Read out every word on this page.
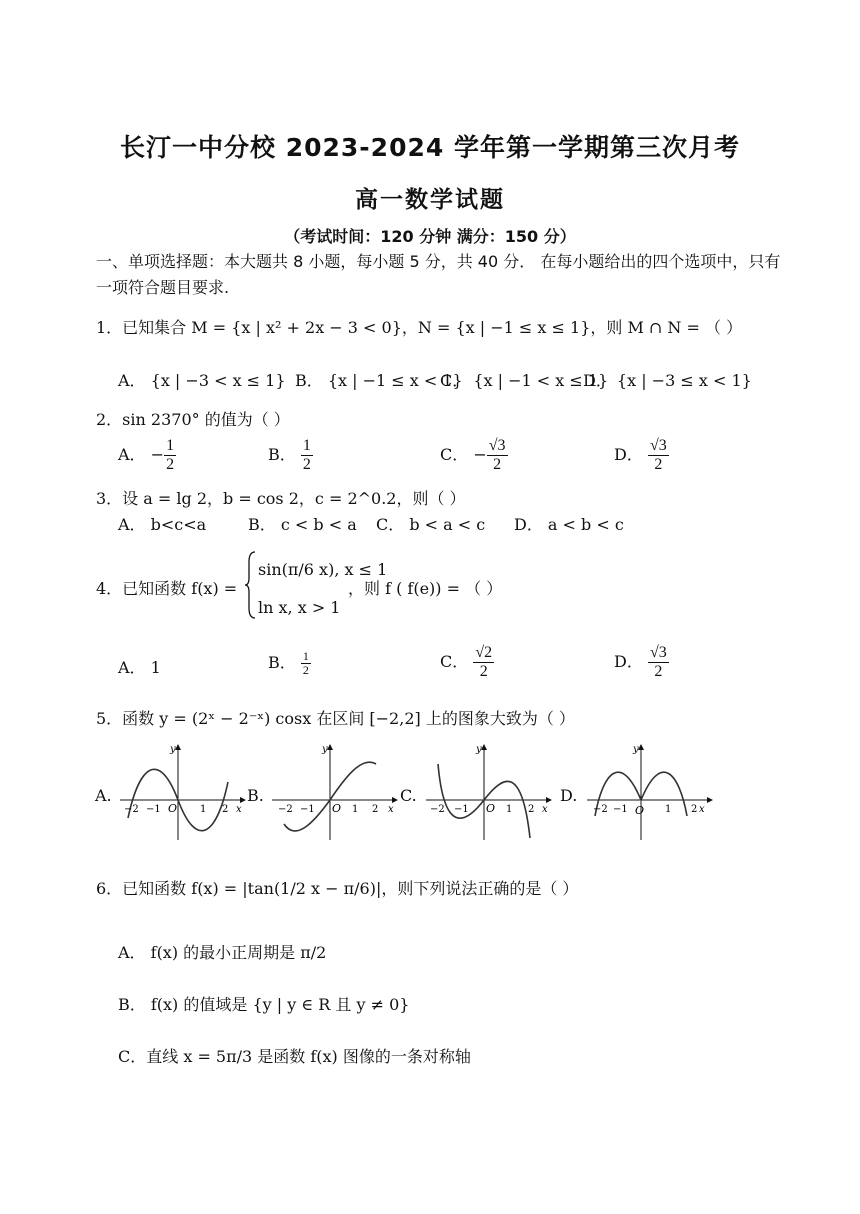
长汀一中分校 2023-2024 学年第一学期第三次月考
高一数学试题
（考试时间：120 分钟 满分：150 分）
一、单项选择题：本大题共 8 小题，每小题 5 分，共 40 分． 在每小题给出的四个选项中，只有一项符合题目要求.
1．已知集合 M = {x | x² + 2x − 3 < 0}，N = {x | −1 ≤ x ≤ 1}，则 M ∩ N = （ ）
A． {x | −3 < x ≤ 1} B． {x | −1 ≤ x < 1}
C． {x | −1 < x ≤ 1}
D． {x | −3 ≤ x < 1}
2．sin 2370° 的值为（ ）
A． − $\frac{1}{2}$	B． $\frac{1}{2}$	C． − $\frac{√3}{2}$	D． $\frac{√3}{2}$
3．设 a = lg 2，b = cos 2，c = 2^0.2，则（ ）
A． b<c<a	B． c < b < a C． b < a < c D． a < b < c
4．已知函数 f(x) =
sin(π/6 x), x ≤ 1
ln x, x > 1
，则 f ( f(e)) = （ ）
A． 1	B． $\frac{1}{2}$	C． $\frac{√2}{2}$	D． $\frac{√3}{2}$
5．函数 y = (2ˣ − 2⁻ˣ) cosx 在区间 [−2,2] 上的图象大致为（ ）
A.
y
x
O
−2 −1	1 2
B.
y
x
O
−2 −1	1 2
C.
y
x
O
−2 −1	1 2
D.
y
x
O
−2 −1	1 2
6．已知函数 f(x) = |tan(1/2 x − π/6)|，则下列说法正确的是（ ）
A． f(x) 的最小正周期是 π/2
B． f(x) 的值域是 {y | y ∈ R 且 y ≠ 0}
C．直线 x = 5π/3 是函数 f(x) 图像的一条对称轴
